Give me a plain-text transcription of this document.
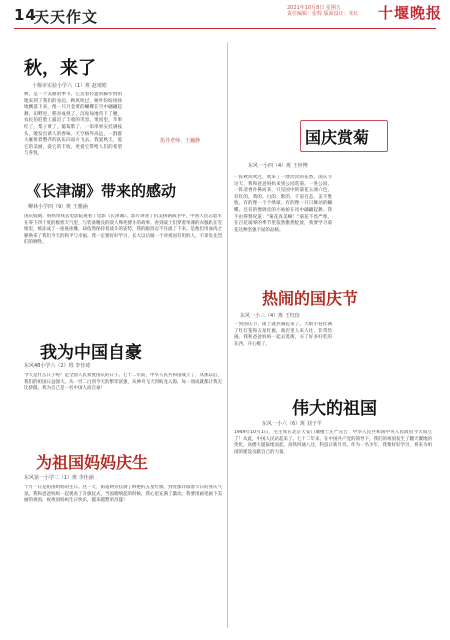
14
天天作文	2021年10月8日 星期五
责任编辑：张辉 版面设计：朱红 十堰晚报
秋，来了
十堰市实验小学六（1）班 赵靖皓
秋，是一个美丽的季节，它迈着轻盈的脚步悄悄地来到了我们的身边。秋风吹过，树叶纷纷扬扬地飘落下来，像一只只金黄的蝴蝶在空中翩翩起舞。田野里，稻谷成熟了，沉甸甸地弯下了腰，农民伯伯脸上露出了丰收的笑容。果园里，苹果红了，梨子黄了，葡萄紫了，一串串果实挂满枝头，散发出诱人的香味。天空格外高远，一群群大雁排着整齐的队伍向南方飞去。我爱秋天，爱它的美丽，爱它的丰收，更爱它带给人们的希望与喜悦。
指导老师：王巍静
《长津湖》带来的感动
柳林小学四（9）班 王雅涵
国庆假期，妈妈带我去电影院观看了电影《长津湖》。影片讲述了抗美援朝战争中，中国人民志愿军在零下四十度的极寒天气里，与装备精良的敌人殊死搏斗的故事。看到战士们穿着单薄的衣服趴在雪地里，被冻成了一座座冰雕，却依然保持着战斗的姿势，我的眼泪忍不住流了下来。是他们用血肉之躯换来了我们今天的和平与幸福。我一定要好好学习，长大以后做一个对祖国有用的人，不辜负先烈们的牺牲。
我为中国自豪
东风48小学六（2）班 李佳琦
今天是什么日子呢？是全国人民欢度国庆的日子。七十二年前，中华人民共和国成立了，从那以后，我们的祖国日益强大。从一穷二白到今天的繁荣富强，从神舟飞天到蛟龙入海，每一项成就都让我无比骄傲。我为自己是一名中国人而自豪！
为祖国妈妈庆生
东风第一小学二（1）班 李佳涵
十月一日是祖国妈妈的生日。这一天，街道两旁挂满了鲜艳的五星红旗，到处都洋溢着节日的喜庆气氛。我和爸爸妈妈一起观看了升旗仪式，当国歌响起的时候，我心里充满了激动。我要用画笔画下美丽的祖国，祝祖国妈妈生日快乐，越来越繁荣昌盛！
国庆赏菊
东风一小四（4）班 王梓博
一阵秋风吹过，吹来了一缕淡淡的花香。国庆节这天，我和爸爸妈妈来到公园赏菊。一进公园，一阵清香扑鼻而来，只见园中的菊花五颜六色，有红的、黄的、白的、紫的，千姿百态，美不胜收。有的像一个个绣球，有的像一只只舞动的蝴蝶，还有的像调皮的小姑娘在风中翩翩起舞。我不由得赞叹道：“菊花真美啊！”菊花不畏严寒，在百花凋零的季节里依然傲然绽放，我要学习菊花这种坚强不屈的品格。
热闹的国庆节
东风一小三（4）班 王钰瑄
一到国庆节，街上就热闹起来了。大街小巷挂满了红灯笼和五星红旗，商店里人来人往，非常热闹。我和爸爸妈妈一起去逛街，买了好多好吃的东西，开心极了。
伟大的祖国
东风一小六（6）班 刘子芊
1949年10月1日，毛主席在北京天安门城楼上庄严宣告：中华人民共和国中央人民政府今天成立了！从此，中国人民站起来了。七十二年来，在中国共产党的领导下，我们的祖国发生了翻天覆地的变化，高楼大厦拔地而起，高铁四通八达，科技日新月异。作为一名少年，我要好好学习，将来为祖国的建设贡献自己的力量。
